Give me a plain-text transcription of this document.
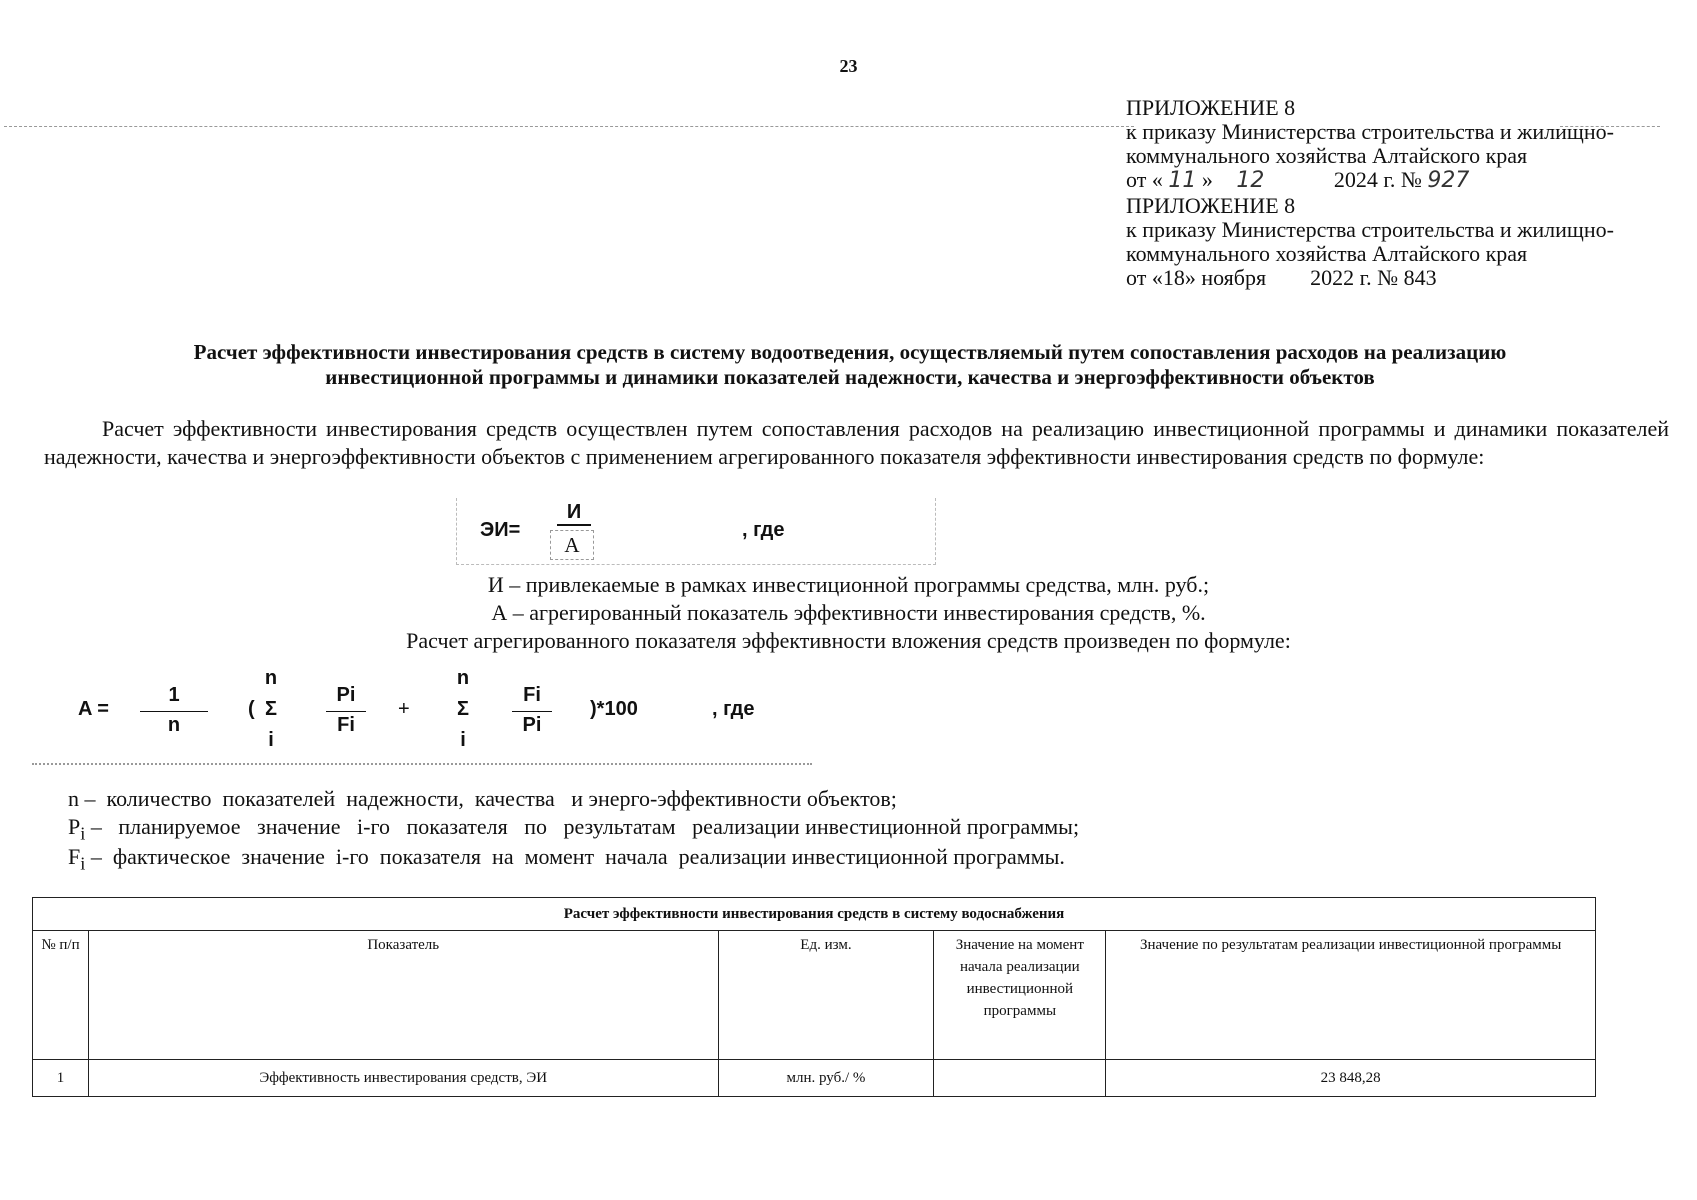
23
ПРИЛОЖЕНИЕ 8
к приказу Министерства строительства и жилищно-
коммунального хозяйства Алтайского края
от « 11 » 12	2024 г. № 927
ПРИЛОЖЕНИЕ 8
к приказу Министерства строительства и жилищно-
коммунального хозяйства Алтайского края
от «18» ноября        2022 г. № 843
Расчет эффективности инвестирования средств в систему водоотведения, осуществляемый путем сопоставления расходов на реализацию
инвестиционной программы и динамики показателей надежности, качества и энергоэффективности объектов
Расчет эффективности инвестирования средств осуществлен путем сопоставления расходов на реализацию инвестиционной программы и динамики показателей надежности, качества и энергоэффективности объектов с применением агрегированного показателя эффективности инвестирования средств по формуле:
ЭИ=
И
А
, где
И – привлекаемые в рамках инвестиционной программы средства, млн. руб.;
А – агрегированный показатель эффективности инвестирования средств, %.
Расчет агрегированного показателя эффективности вложения средств произведен по формуле:
A =
1
n
(
n
Σ
i
Pi
Fi
+
n
Σ
i
Fi
Pi
)*100	, где
n –  количество  показателей  надежности,  качества   и энерго-эффективности объектов;
$P_i$ –   планируемое   значение   i-го   показателя   по   результатам   реализации инвестиционной программы;
$F_i$ –  фактическое  значение  i-го  показателя  на  момент  начала  реализации инвестиционной программы.
Расчет эффективности инвестирования средств в систему водоснабжения				
№ п/п	Показатель	Ед. изм.	Значение на момент начала реализации инвестиционной программы	Значение по результатам реализации инвестиционной программы
1	Эффективность инвестирования средств, ЭИ	млн. руб./ %		23 848,28
